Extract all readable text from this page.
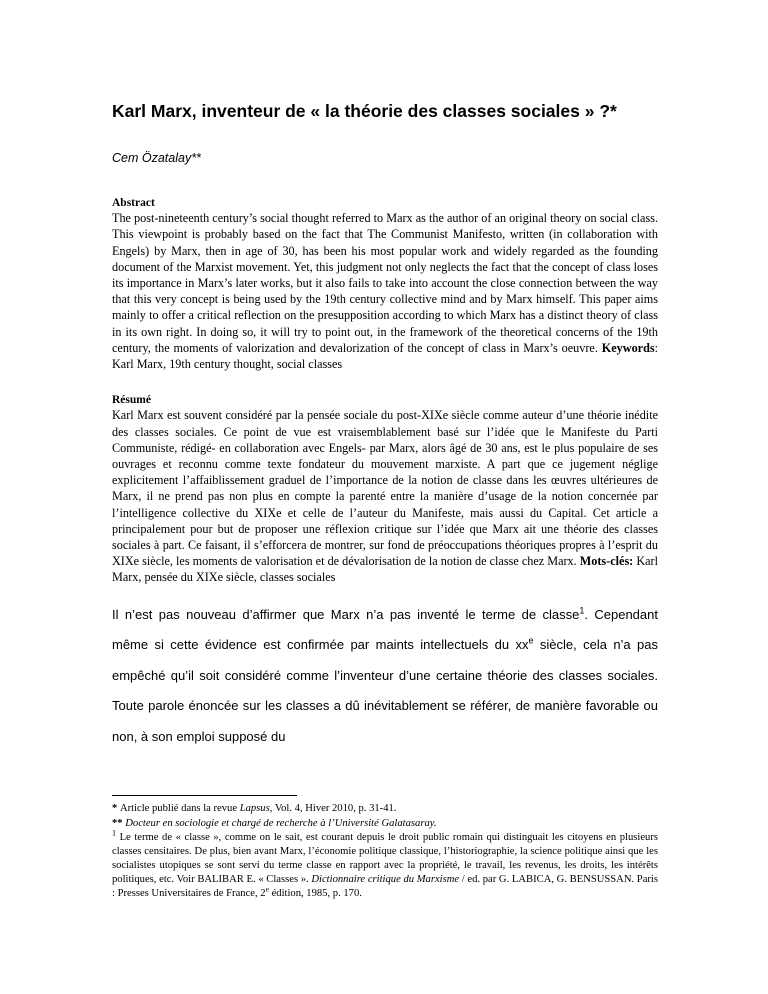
Karl Marx, inventeur de « la théorie des classes sociales » ?*
Cem Özatalay**
Abstract

The post-nineteenth century’s social thought referred to Marx as the author of an original theory on social class. This viewpoint is probably based on the fact that The Communist Manifesto, written (in collaboration with Engels) by Marx, then in age of 30, has been his most popular work and widely regarded as the founding document of the Marxist movement. Yet, this judgment not only neglects the fact that the concept of class loses its importance in Marx’s later works, but it also fails to take into account the close connection between the way that this very concept is being used by the 19th century collective mind and by Marx himself. This paper aims mainly to offer a critical reflection on the presupposition according to which Marx has a distinct theory of class in its own right. In doing so, it will try to point out, in the framework of the theoretical concerns of the 19th century, the moments of valorization and devalorization of the concept of class in Marx’s oeuvre. Keywords: Karl Marx, 19th century thought, social classes

Résumé

Karl Marx est souvent considéré par la pensée sociale du post-XIXe siècle comme auteur d’une théorie inédite des classes sociales. Ce point de vue est vraisemblablement basé sur l’idée que le Manifeste du Parti Communiste, rédigé- en collaboration avec Engels- par Marx, alors âgé de 30 ans, est le plus populaire de ses ouvrages et reconnu comme texte fondateur du mouvement marxiste. A part que ce jugement néglige explicitement l’affaiblissement graduel de l’importance de la notion de classe dans les œuvres ultérieures de Marx, il ne prend pas non plus en compte la parenté entre la manière d’usage de la notion concernée par l’intelligence collective du XIXe et celle de l’auteur du Manifeste, mais aussi du Capital. Cet article a principalement pour but de proposer une réflexion critique sur l’idée que Marx ait une théorie des classes sociales à part. Ce faisant, il s’efforcera de montrer, sur fond de préoccupations théoriques propres à l’esprit du XIXe siècle, les moments de valorisation et de dévalorisation de la notion de classe chez Marx. Mots-clés: Karl Marx, pensée du XIXe siècle, classes sociales

Il n’est pas nouveau d’affirmer que Marx n’a pas inventé le terme de classe$^1$. Cependant même si cette évidence est confirmée par maints intellectuels du $xx^e$ siècle, cela n’a pas empêché qu’il soit considéré comme l’inventeur d’une certaine théorie des classes sociales. Toute parole énoncée sur les classes a dû inévitablement se référer, de manière favorable ou non, à son emploi supposé du

* Article publié dans la revue Lapsus, Vol. 4, Hiver 2010, p. 31-41.

** Docteur en sociologie et chargé de recherche à l’Université Galatasaray.

$^1$ Le terme de « classe », comme on le sait, est courant depuis le droit public romain qui distinguait les citoyens en plusieurs classes censitaires. De plus, bien avant Marx, l’économie politique classique, l’historiographie, la science politique ainsi que les socialistes utopiques se sont servi du terme classe en rapport avec la propriété, le travail, les revenus, les droits, les intérêts politiques, etc. Voir BALIBAR E. « Classes ». Dictionnaire critique du Marxisme / ed. par G. LABICA, G. BENSUSSAN. Paris : Presses Universitaires de France, 2e édition, 1985, p. 170.
